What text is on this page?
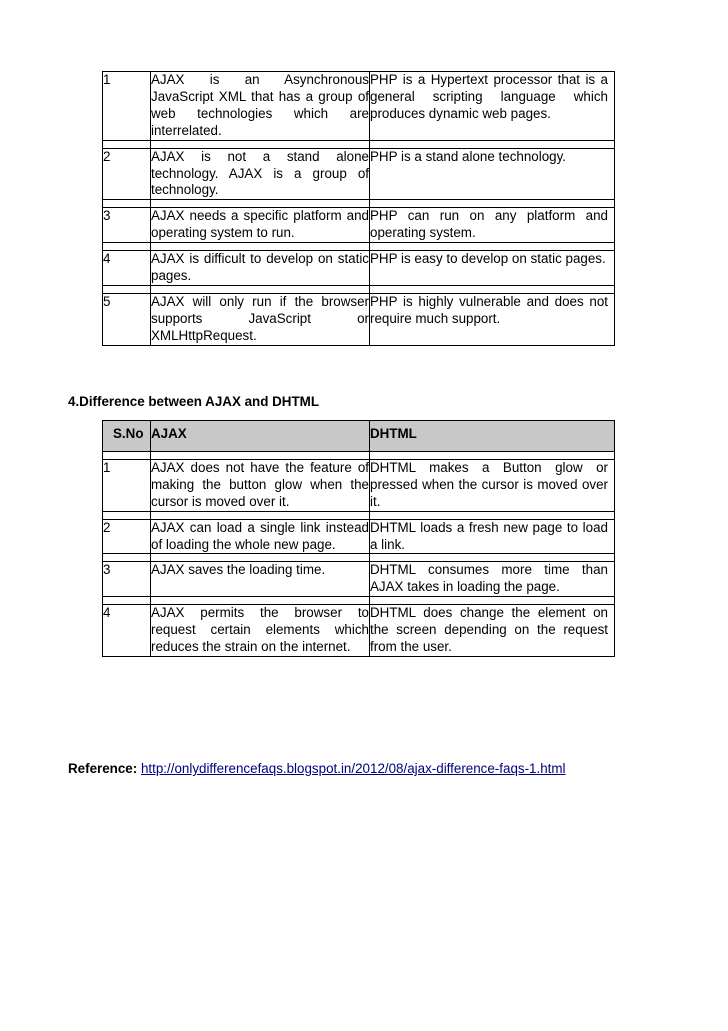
1	AJAX is an Asynchronous JavaScript XML that has a group of web technologies which are interrelated.	PHP is a Hypertext processor that is a general scripting language which produces dynamic web pages.

2	AJAX is not a stand alone technology. AJAX is a group of technology.	PHP is a stand alone technology.

3	AJAX needs a specific platform and operating system to run.	PHP can run on any platform and operating system.

4	AJAX is difficult to develop on static pages.	PHP is easy to develop on static pages.

5	AJAX will only run if the browser supports JavaScript or XMLHttpRequest.	PHP is highly vulnerable and does not require much support.
4.Difference between AJAX and DHTML
S.No	AJAX	DHTML

1	AJAX does not have the feature of making the button glow when the cursor is moved over it.	DHTML makes a Button glow or pressed when the cursor is moved over it.

2	AJAX can load a single link instead of loading the whole new page.	DHTML loads a fresh new page to load a link.

3	AJAX saves the loading time.	DHTML consumes more time than AJAX takes in loading the page.

4	AJAX permits the browser to request certain elements which reduces the strain on the internet.	DHTML does change the element on the screen depending on the request from the user.
Reference: http://onlydifferencefaqs.blogspot.in/2012/08/ajax-difference-faqs-1.html
